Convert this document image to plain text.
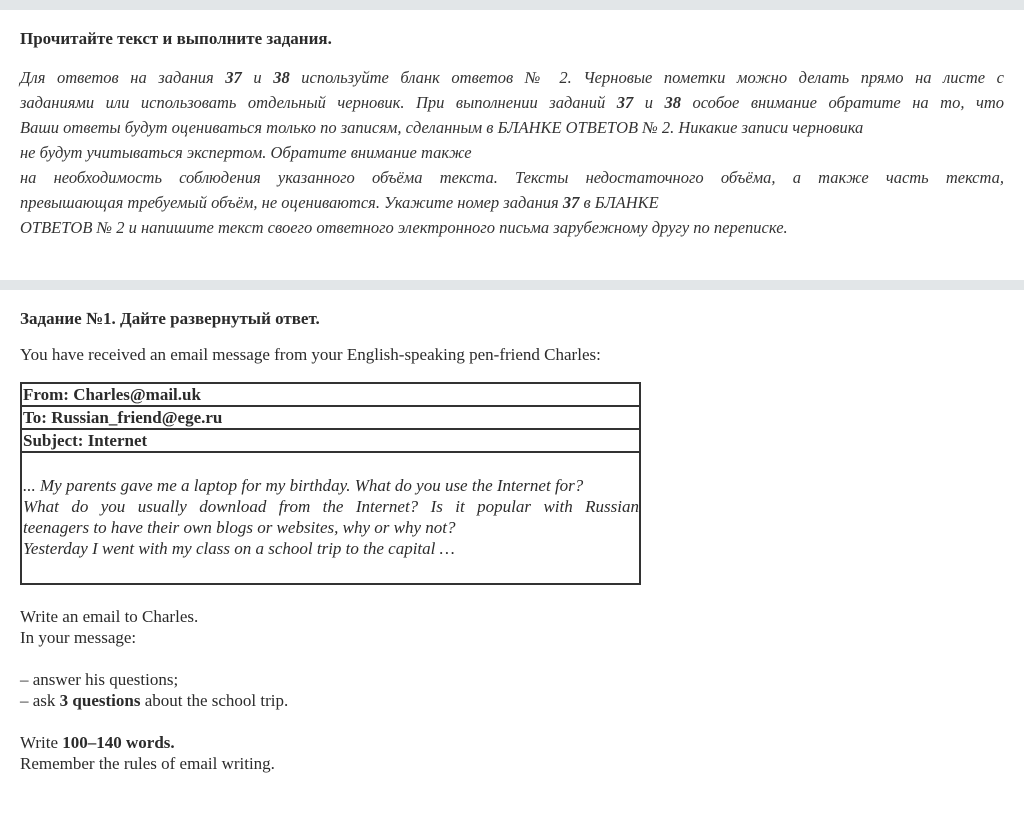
Прочитайте текст и выполните задания.
Для ответов на задания 37 и 38 используйте бланк ответов № 2. Черновые пометки можно делать прямо на листе с
заданиями или использовать отдельный черновик. При выполнении заданий 37 и 38 особое внимание обратите на то, что
Ваши ответы будут оцениваться только по записям, сделанным в БЛАНКЕ ОТВЕТОВ № 2. Никакие записи черновика
не будут учитываться экспертом. Обратите внимание также
на необходимость соблюдения указанного объёма текста. Тексты недостаточного объёма, а также часть текста,
превышающая требуемый объём, не оцениваются. Укажите номер задания 37 в БЛАНКЕ
ОТВЕТОВ № 2 и напишите текст своего ответного электронного письма зарубежному другу по переписке.
Задание №1. Дайте развернутый ответ.
You have received an email message from your English-speaking pen-friend Charles:
From: Charles@mail.uk
To: Russian_friend@ege.ru
Subject: Internet
... My parents gave me a laptop for my birthday. What do you use the Internet for?
What do you usually download from the Internet? Is it popular with Russian
teenagers to have their own blogs or websites, why or why not?
Yesterday I went with my class on a school trip to the capital …
Write an email to Charles.
In your message:
– answer his questions;
– ask 3 questions about the school trip.
Write 100–140 words.
Remember the rules of email writing.
